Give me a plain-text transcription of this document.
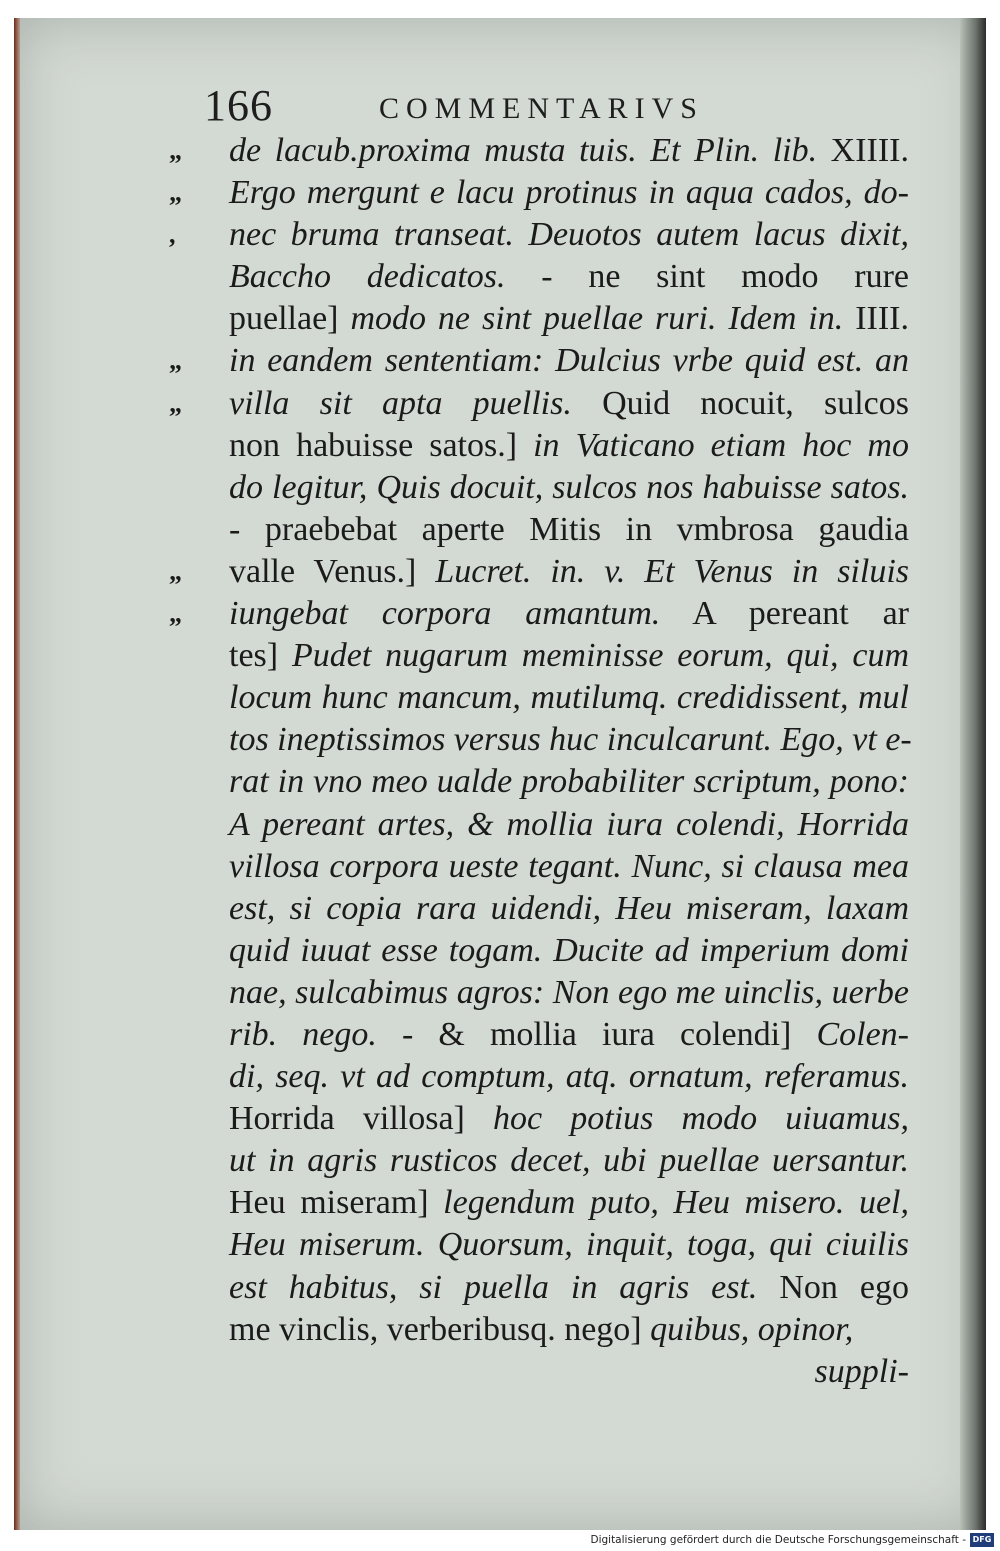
166	COMMENTARIVS
„	de lacub.proxima musta tuis. Et Plin. lib. XIIII.
„	Ergo mergunt e lacu protinus in aqua cados, do-
,	nec bruma transeat. Deuotos autem lacus dixit,
Baccho dedicatos. - ne sint modo rure
puellae] modo ne sint puellae ruri. Idem in. IIII.
„	in eandem sententiam: Dulcius vrbe quid est. an
„	villa sit apta puellis. Quid nocuit, sulcos
non habuisse satos.] in Vaticano etiam hoc mo
do legitur, Quis docuit, sulcos nos habuisse satos.
- praebebat aperte Mitis in vmbrosa gaudia
„	valle Venus.] Lucret. in. v. Et Venus in siluis
„	iungebat corpora amantum. A pereant ar
tes] Pudet nugarum meminisse eorum, qui, cum
locum hunc mancum, mutilumq. credidissent, mul
tos ineptissimos versus huc inculcarunt. Ego, vt e-
rat in vno meo ualde probabiliter scriptum, pono:
A pereant artes, & mollia iura colendi, Horrida
villosa corpora ueste tegant. Nunc, si clausa mea
est, si copia rara uidendi, Heu miseram, laxam
quid iuuat esse togam. Ducite ad imperium domi
nae, sulcabimus agros: Non ego me uinclis, uerbe
rib. nego. - & mollia iura colendi] Colen-
di, seq. vt ad comptum, atq. ornatum, referamus.
Horrida villosa] hoc potius modo uiuamus,
ut in agris rusticos decet, ubi puellae uersantur.
Heu miseram] legendum puto, Heu misero. uel,
Heu miserum. Quorsum, inquit, toga, qui ciuilis
est habitus, si puella in agris est. Non ego
me vinclis, verberibusq. nego] quibus, opinor,
suppli-
Digitalisierung gefördert durch die Deutsche Forschungsgemeinschaft - DFG
